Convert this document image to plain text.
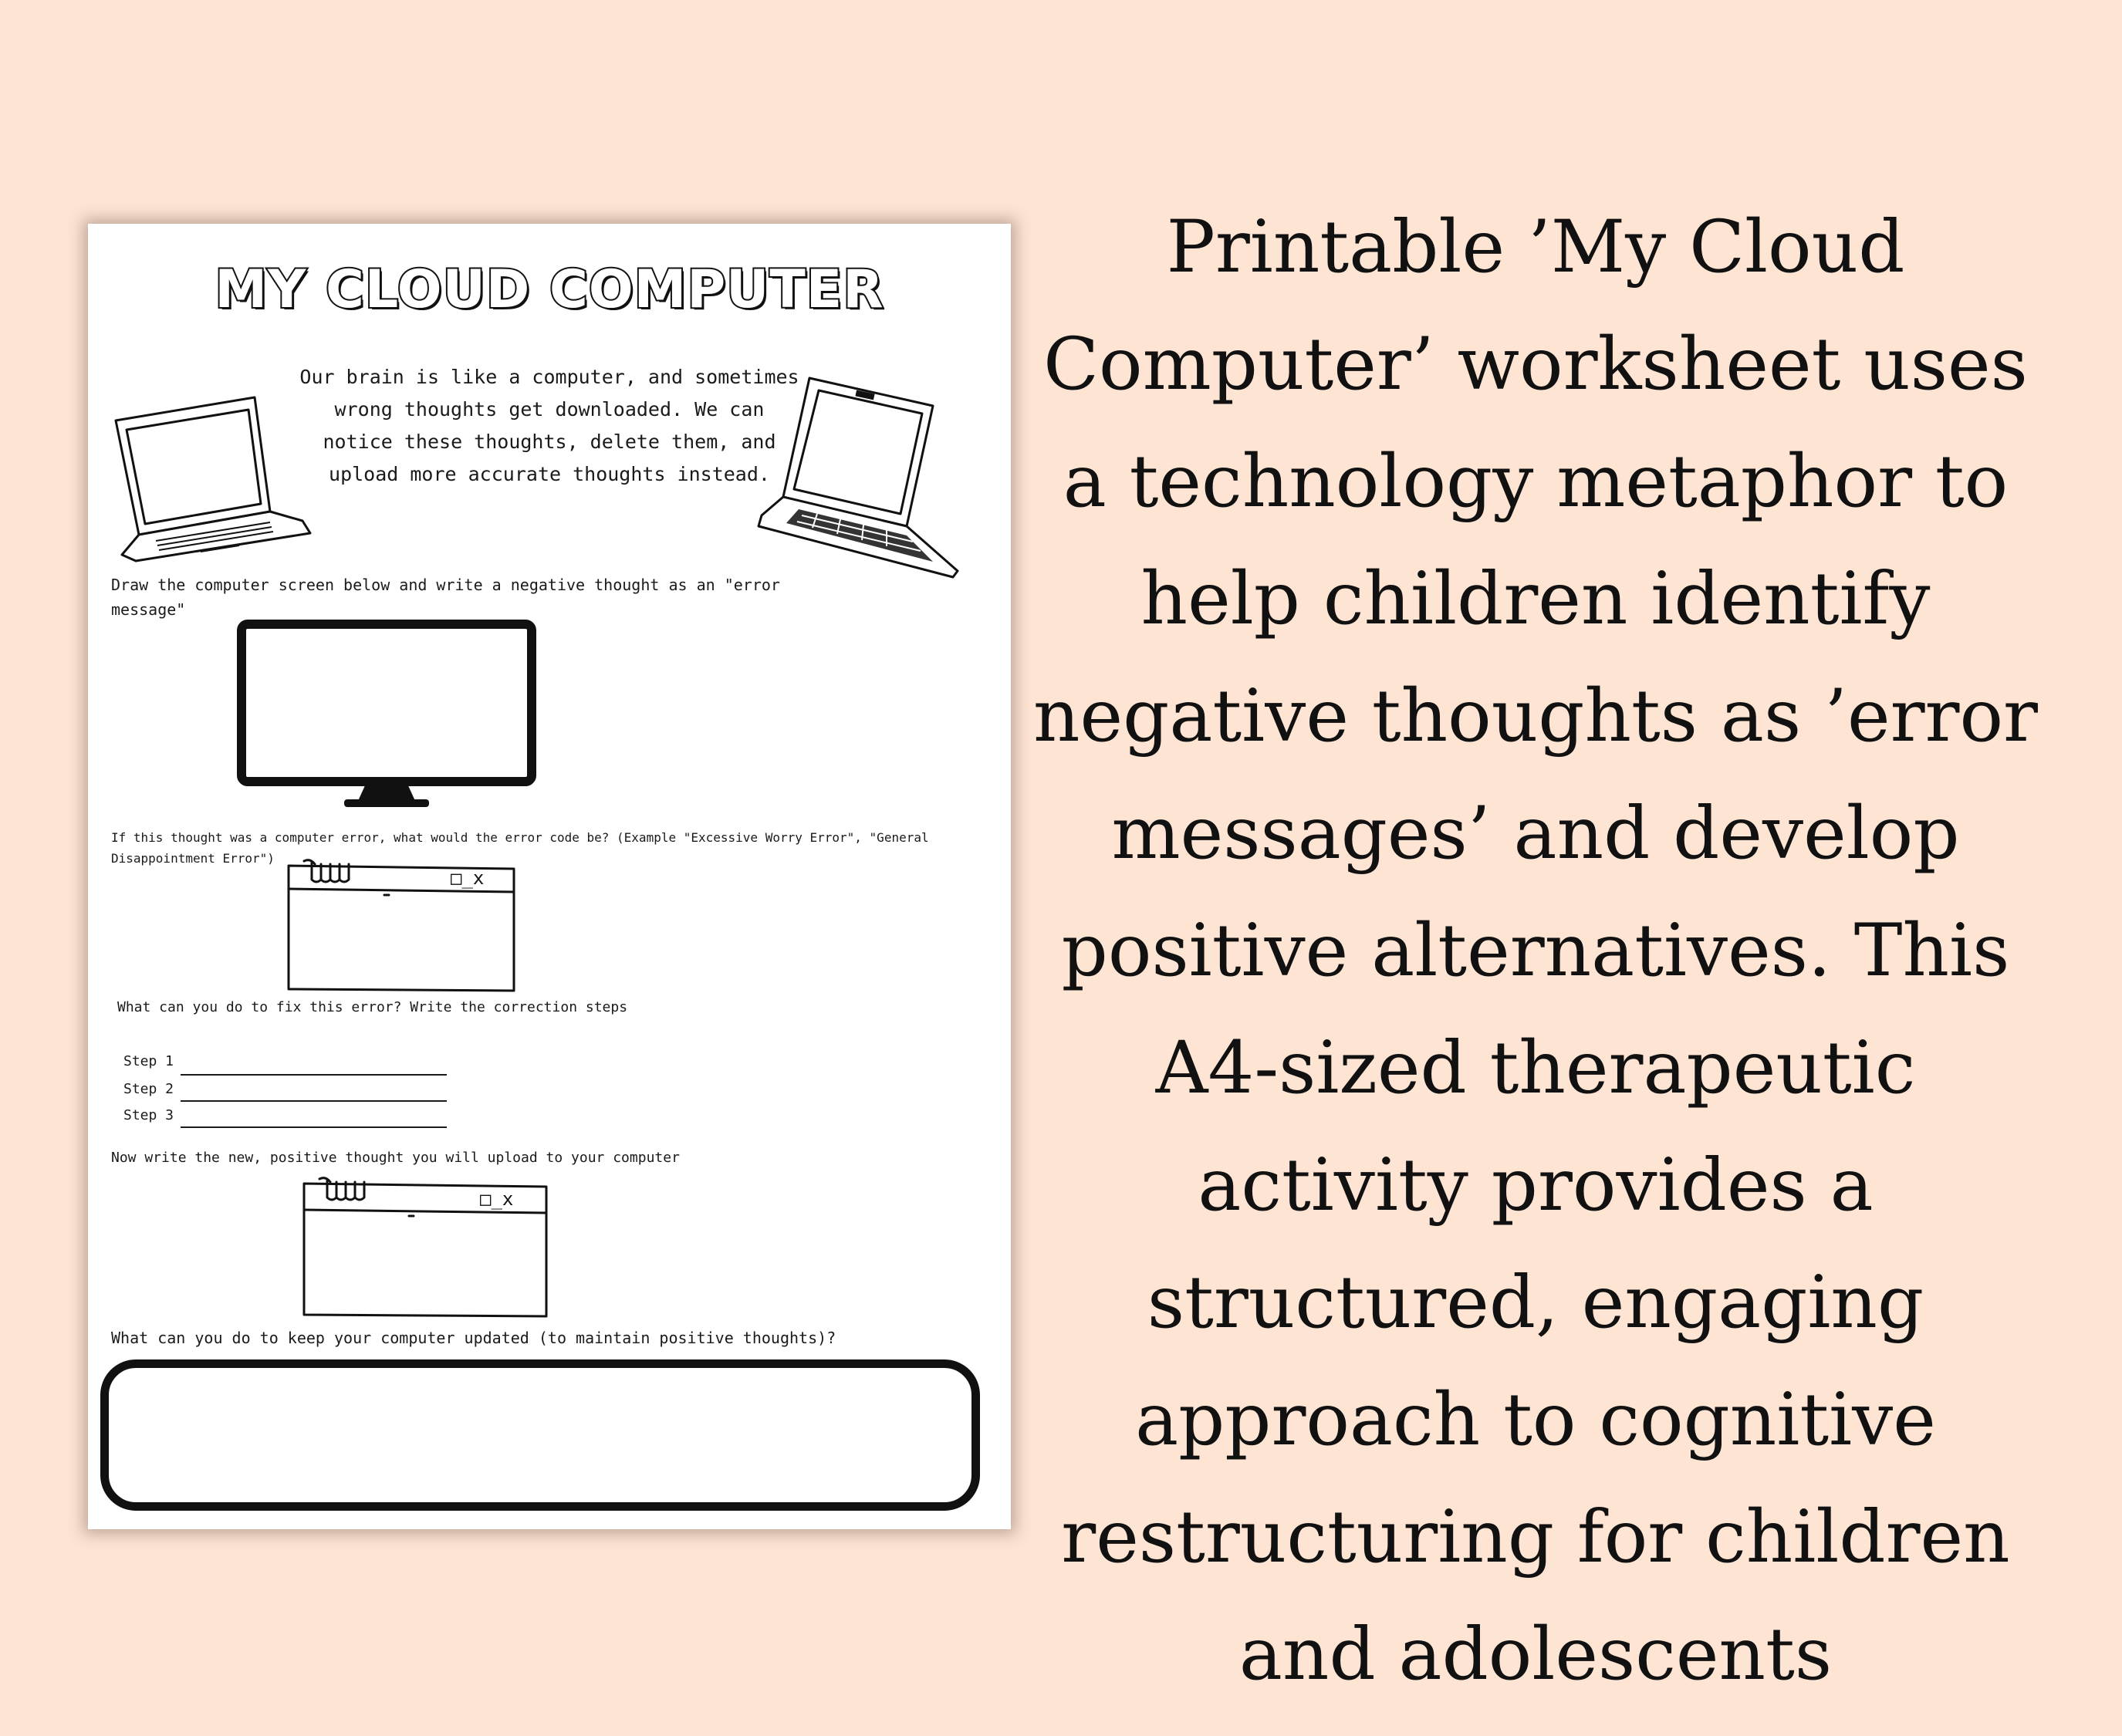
MY CLOUD COMPUTER
Our brain is like a computer, and sometimes wrong thoughts get downloaded. We can notice these thoughts, delete them, and upload more accurate thoughts instead.
Draw the computer screen below and write a negative thought as an "error message"
If this thought was a computer error, what would the error code be? (Example "Excessive Worry Error", "General Disappointment Error")
□_x
What can you do to fix this error? Write the correction steps
Step 1
Step 2
Step 3
Now write the new, positive thought you will upload to your computer
□_x
What can you do to keep your computer updated (to maintain positive thoughts)?
Printable ’My Cloud Computer’ worksheet uses a technology metaphor to help children identify negative thoughts as ’error messages’ and develop positive alternatives. This A4-sized therapeutic activity provides a structured, engaging approach to cognitive restructuring for children and adolescents
